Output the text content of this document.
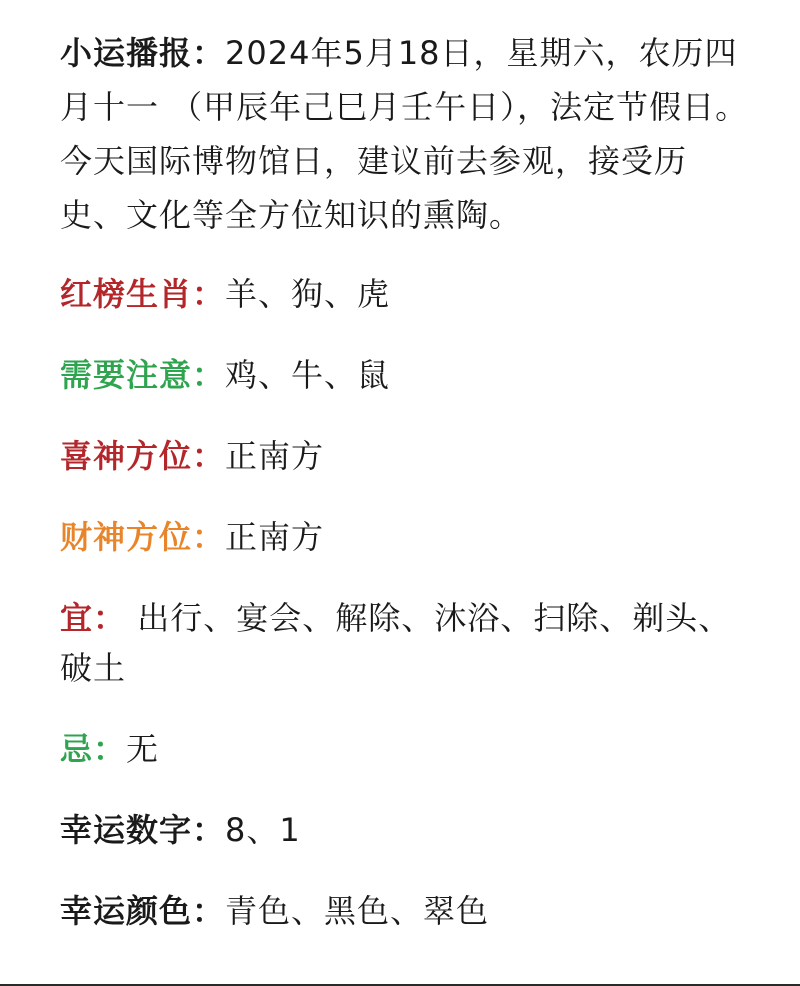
小运播报：2024年5月18日，星期六，农历四月十一 （甲辰年己巳月壬午日），法定节假日。今天国际博物馆日，建议前去参观，接受历史、文化等全方位知识的熏陶。

红榜生肖：羊、狗、虎

需要注意：鸡、牛、鼠

喜神方位：正南方

财神方位：正南方

宜： 出行、宴会、解除、沐浴、扫除、剃头、破土

忌：无

幸运数字：8、1

幸运颜色：青色、黑色、翠色
